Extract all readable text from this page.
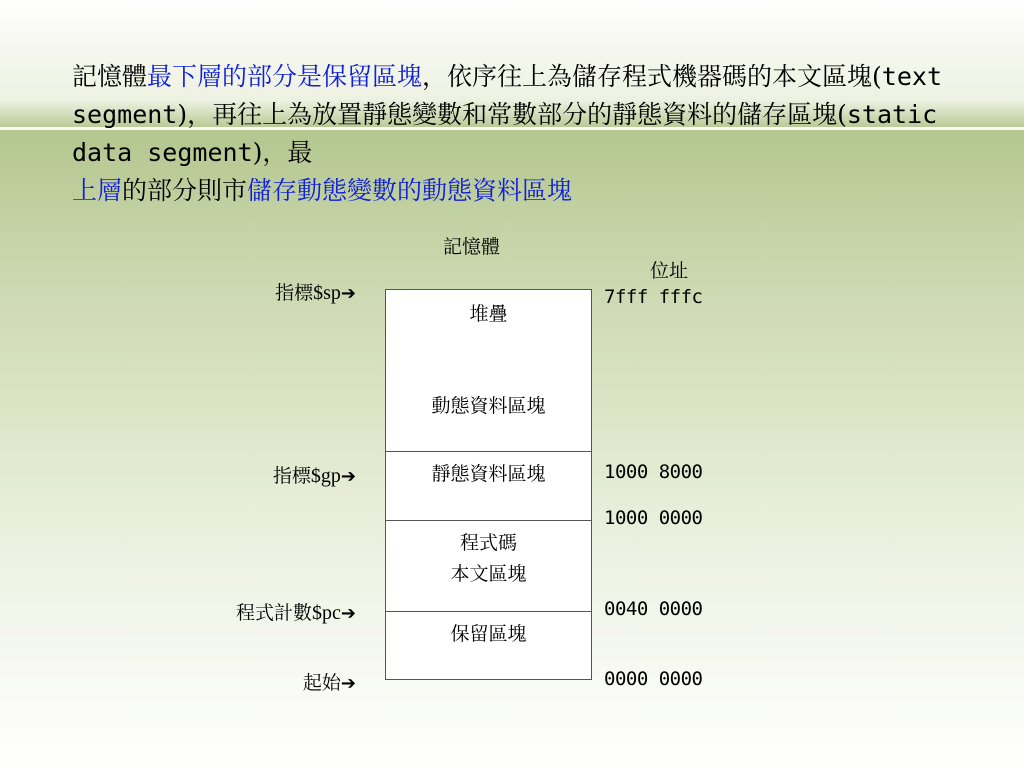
記憶體最下層的部分是保留區塊，依序往上為儲存程式機器碼的本文區塊(text segment)，再往上為放置靜態變數和常數部分的靜態資料的儲存區塊(static data segment)，最
上層的部分則市儲存動態變數的動態資料區塊

記憶體
位址
指標$sp➔
指標$gp➔
程式計數$pc➔
起始➔
堆疊
動態資料區塊
靜態資料區塊
程式碼
本文區塊
保留區塊
7fff fffc
1000 8000
1000 0000
0040 0000
0000 0000
